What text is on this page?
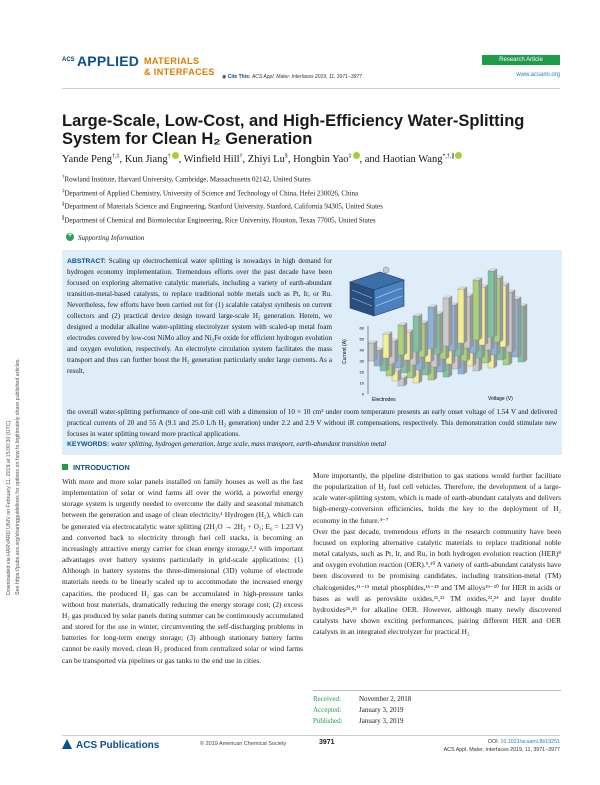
ACS APPLIED MATERIALS
& INTERFACES ◉ Cite This: ACS Appl. Mater. Interfaces 2019, 11, 3971−3977
Research Article
www.acsami.org
Downloaded via HARVARD UNIV on February 11, 2019 at 15:00:30 (UTC). See https://pubs.acs.org/sharingguidelines for options on how to legitimately share published articles.
Large-Scale, Low-Cost, and High-Efficiency Water-Splitting System for Clean H₂ Generation
Yande Peng†,‡, Kun Jiang† , Winfield Hill†, Zhiyi Lu§, Hongbin Yao‡ , and Haotian Wang*,†,∥
†Rowland Institute, Harvard University, Cambridge, Massachusetts 02142, United States
‡Department of Applied Chemistry, University of Science and Technology of China, Hefei 230026, China
§Department of Materials Science and Engineering, Stanford University, Stanford, California 94305, United States
∥Department of Chemical and Biomolecular Engineering, Rice University, Houston, Texas 77005, United States
+Supporting Information
ABSTRACT: Scaling up electrochemical water splitting is nowadays in high demand for hydrogen economy implementation. Tremendous efforts over the past decade have been focused on exploring alternative catalytic materials, including a variety of earth-abundant transition-metal-based catalysts, to replace traditional noble metals such as Pt, Ir, or Ru. Nevertheless, few efforts have been carried out for (1) scalable catalyst synthesis on current collectors and (2) practical device design toward large-scale H₂ generation. Herein, we designed a modular alkaline water-splitting electrolyzer system with scaled-up metal foam electrodes covered by low-cost NiMo alloy and Ni₃Fe oxide for efficient hydrogen evolution and oxygen evolution, respectively. An electrolyte circulation system facilitates the mass transport and thus can further boost the H₂ generation particularly under large currents. As a result,
0
10
20
30
40
50
60
Current (A)
Voltage (V)
Electrodes
the overall water-splitting performance of one-unit cell with a dimension of 10 × 10 cm² under room temperature presents an early onset voltage of 1.54 V and delivered practical currents of 20 and 55 A (9.1 and 25.0 L/h H₂ generation) under 2.2 and 2.9 V without iR compensations, respectively. This demonstration could stimulate new focuses in water splitting toward more practical applications.
KEYWORDS: water splitting, hydrogen generation, large scale, mass transport, earth-abundant transition metal
INTRODUCTION

With more and more solar panels installed on family houses as well as the fast implementation of solar or wind farms all over the world, a powerful energy storage system is urgently needed to overcome the daily and seasonal mismatch between the generation and usage of clean electricity.¹ Hydrogen (H₂), which can be generated via electrocatalytic water splitting (2H₂O → 2H₂ + O₂; E₀ = 1.23 V) and converted back to electricity through fuel cell stacks, is becoming an increasingly attractive energy carrier for clean energy storage,²,³ with important advantages over battery systems particularly in grid-scale applications: (1) Although in battery systems the three-dimensional (3D) volume of electrode materials needs to be linearly scaled up to accommodate the increased energy capacities, the produced H₂ gas can be accumulated in high-pressure tanks without host materials, dramatically reducing the energy storage cost; (2) excess H₂ gas produced by solar panels during summer can be continuously accumulated and stored for the use in winter, circumventing the self-discharging problems in batteries for long-term energy storage; (3) although stationary battery farms cannot be easily moved, clean H₂ produced from centralized solar or wind farms can be transported via pipelines or gas tanks to the end use in cities.

More importantly, the pipeline distribution to gas stations would further facilitate the popularization of H₂ fuel cell vehicles. Therefore, the development of a large-scale water-splitting system, which is made of earth-abundant catalysts and delivers high-energy-conversion efficiencies, holds the key to the deployment of H₂ economy in the future.⁴⁻⁷
Over the past decade, tremendous efforts in the research community have been focused on exploring alternative catalytic materials to replace traditional noble metal catalysts, such as Pt, Ir, and Ru, in both hydrogen evolution reaction (HER)⁸ and oxygen evolution reaction (OER).⁹,¹⁰ A variety of earth-abundant catalysts have been discovered to be promising candidates, including transition-metal (TM) chalcogenides,¹¹⁻¹⁵ metal phosphides,¹⁶⁻¹⁸ and TM alloys¹⁹⁻²⁰ for HER in acids or bases as well as perovskite oxides,²¹,²² TM oxides,²³,²⁴ and layer double hydroxides²⁵,²⁶ for alkaline OER. However, although many newly discovered catalysts have shown exciting performances, pairing different HER and OER catalysts in an integrated electrolyzer for practical H₂

Received:	November 2, 2018
Accepted:	January 3, 2019
Published:	January 3, 2019
ACS Publications	© 2019 American Chemical Society	3971	DOI: 10.1021/acsami.8b19251
ACS Appl. Mater. Interfaces 2019, 11, 3971−3977
